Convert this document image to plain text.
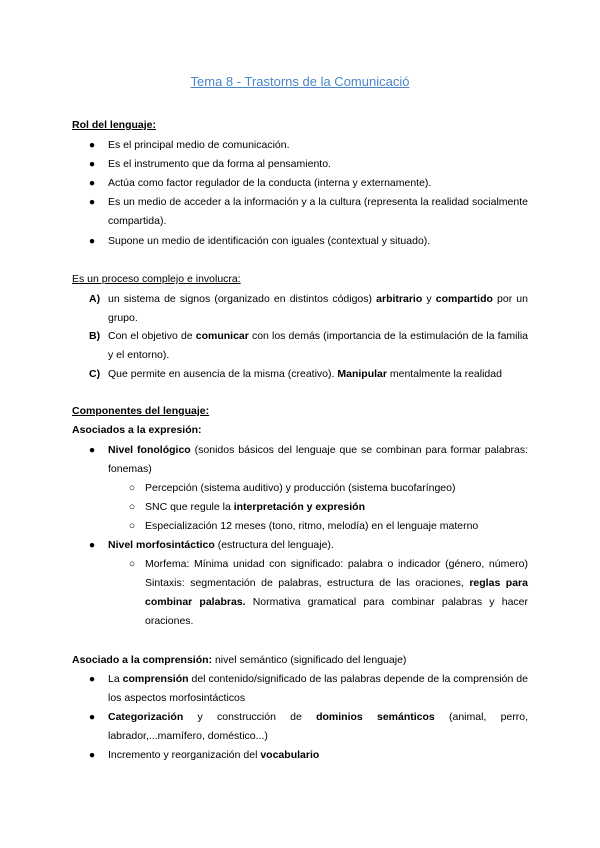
Tema 8 - Trastorns de la Comunicació
Rol del lenguaje:
● Es el principal medio de comunicación.
● Es el instrumento que da forma al pensamiento.
● Actúa como factor regulador de la conducta (interna y externamente).
● Es un medio de acceder a la información y a la cultura (representa la realidad socialmente compartida).
● Supone un medio de identificación con iguales (contextual y situado).
Es un proceso complejo e involucra:
A) un sistema de signos (organizado en distintos códigos) arbitrario y compartido por un grupo.
B) Con el objetivo de comunicar con los demás (importancia de la estimulación de la familia y el entorno).
C) Que permite en ausencia de la misma (creativo). Manipular mentalmente la realidad
Componentes del lenguaje:
Asociados a la expresión:
● Nivel fonológico (sonidos básicos del lenguaje que se combinan para formar palabras: fonemas)
○ Percepción (sistema auditivo) y producción (sistema bucofaríngeo)
○ SNC que regule la interpretación y expresión
○ Especialización 12 meses (tono, ritmo, melodía) en el lenguaje materno
● Nivel morfosintáctico (estructura del lenguaje).
○ Morfema: Mínima unidad con significado: palabra o indicador (género, número) Sintaxis: segmentación de palabras, estructura de las oraciones, reglas para combinar palabras. Normativa gramatical para combinar palabras y hacer oraciones.
Asociado a la comprensión: nivel semántico (significado del lenguaje)
● La comprensión del contenido/significado de las palabras depende de la comprensión de los aspectos morfosintácticos
● Categorización y construcción de dominios semánticos (animal, perro, labrador,...mamífero, doméstico...)
● Incremento y reorganización del vocabulario
